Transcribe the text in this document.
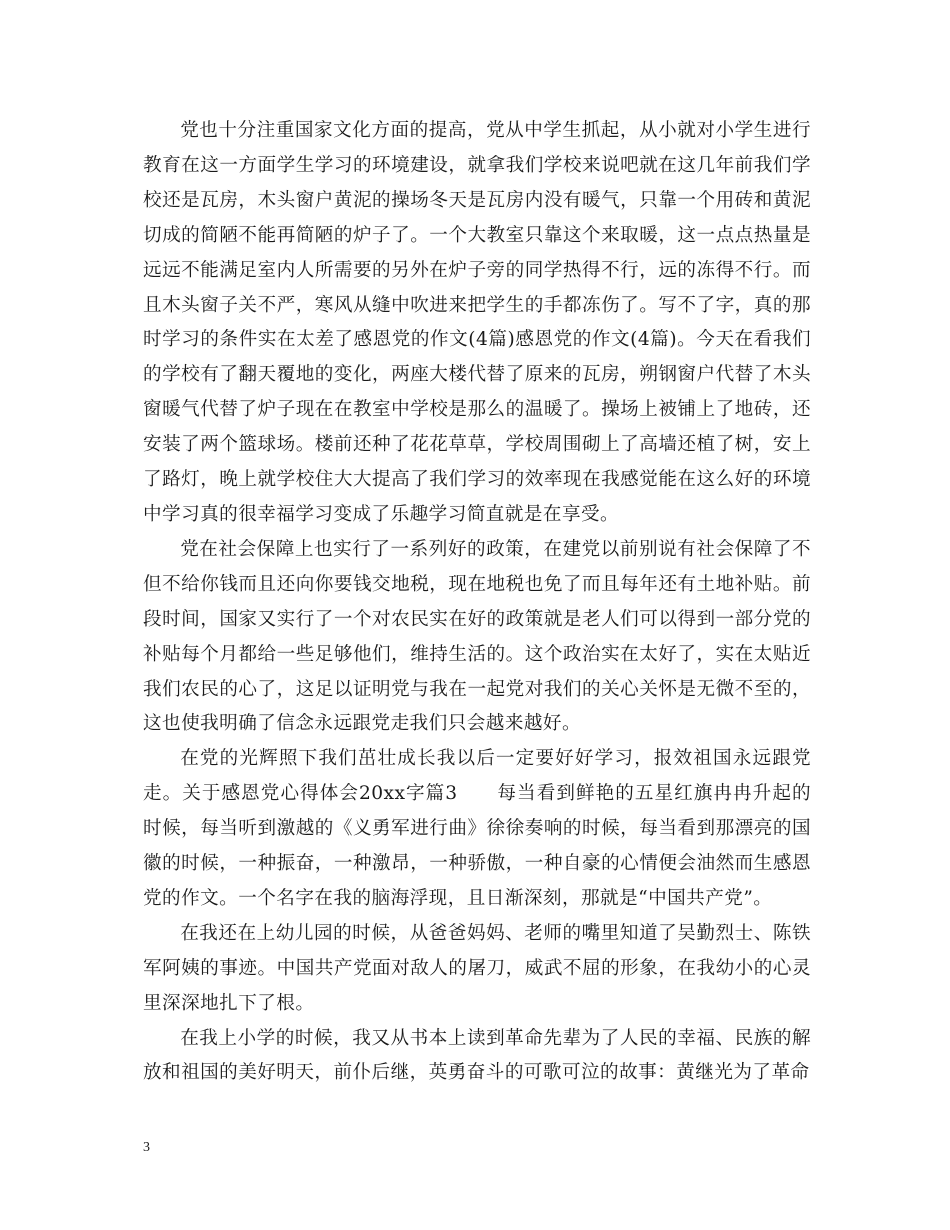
党也十分注重国家文化方面的提高，党从中学生抓起，从小就对小学生进行教育在这一方面学生学习的环境建设，就拿我们学校来说吧就在这几年前我们学校还是瓦房，木头窗户黄泥的操场冬天是瓦房内没有暖气，只靠一个用砖和黄泥切成的简陋不能再简陋的炉子了。一个大教室只靠这个来取暖，这一点点热量是远远不能满足室内人所需要的另外在炉子旁的同学热得不行，远的冻得不行。而且木头窗子关不严，寒风从缝中吹进来把学生的手都冻伤了。写不了字，真的那时学习的条件实在太差了感恩党的作文(4篇)感恩党的作文(4篇)。今天在看我们的学校有了翻天覆地的变化，两座大楼代替了原来的瓦房，朔钢窗户代替了木头窗暖气代替了炉子现在在教室中学校是那么的温暖了。操场上被铺上了地砖，还安装了两个篮球场。楼前还种了花花草草，学校周围砌上了高墙还植了树，安上了路灯，晚上就学校住大大提高了我们学习的效率现在我感觉能在这么好的环境中学习真的很幸福学习变成了乐趣学习简直就是在享受。

党在社会保障上也实行了一系列好的政策，在建党以前别说有社会保障了不但不给你钱而且还向你要钱交地税，现在地税也免了而且每年还有土地补贴。前段时间，国家又实行了一个对农民实在好的政策就是老人们可以得到一部分党的补贴每个月都给一些足够他们，维持生活的。这个政治实在太好了，实在太贴近我们农民的心了，这足以证明党与我在一起党对我们的关心关怀是无微不至的，这也使我明确了信念永远跟党走我们只会越来越好。

在党的光辉照下我们茁壮成长我以后一定要好好学习，报效祖国永远跟党走。关于感恩党心得体会20xx字篇3　　每当看到鲜艳的五星红旗冉冉升起的时候，每当听到激越的《义勇军进行曲》徐徐奏响的时候，每当看到那漂亮的国徽的时候，一种振奋，一种激昂，一种骄傲，一种自豪的心情便会油然而生感恩党的作文。一个名字在我的脑海浮现，且日渐深刻，那就是“中国共产党”。

在我还在上幼儿园的时候，从爸爸妈妈、老师的嘴里知道了吴勤烈士、陈铁军阿姨的事迹。中国共产党面对敌人的屠刀，威武不屈的形象，在我幼小的心灵里深深地扎下了根。

在我上小学的时候，我又从书本上读到革命先辈为了人民的幸福、民族的解放和祖国的美好明天，前仆后继，英勇奋斗的可歌可泣的故事：黄继光为了革命

3
